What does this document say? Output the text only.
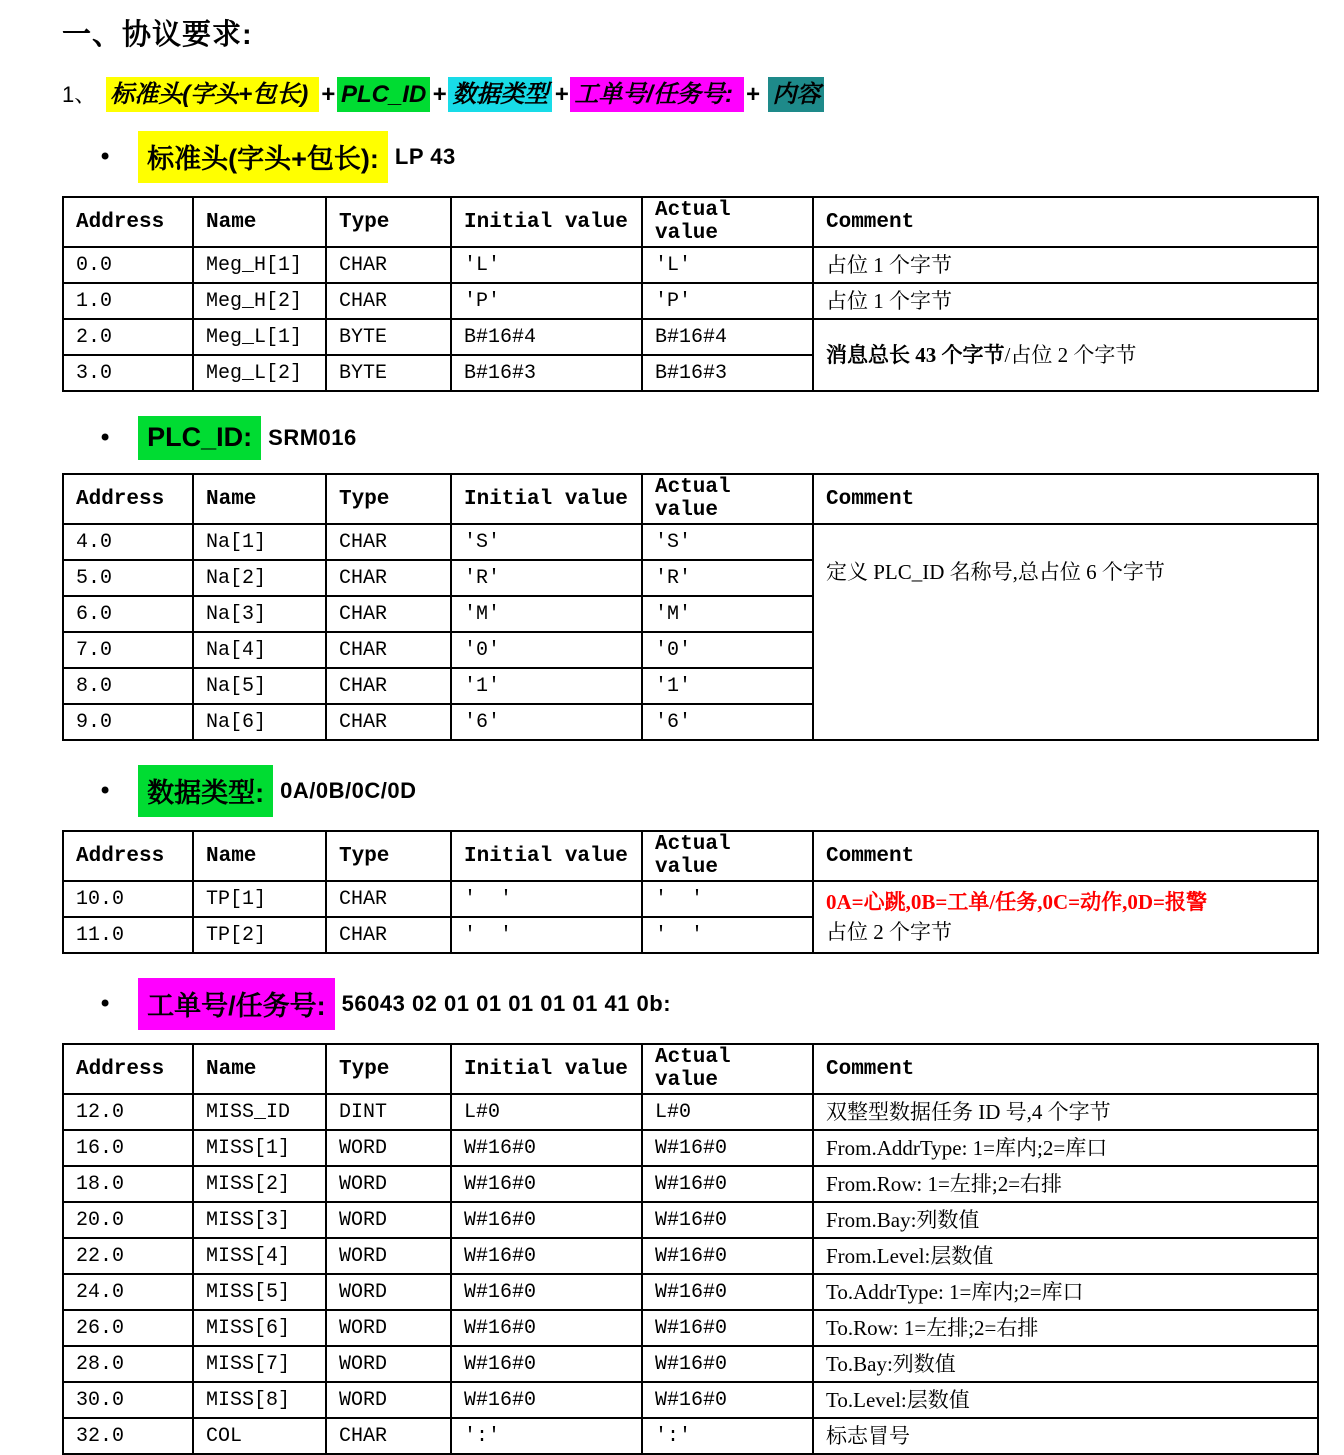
一、协议要求:
1、 标准头(字头+包长) + PLC_ID + 数据类型 + 工单号/任务号: + 内容
•	标准头(字头+包长): LP 43
Address	Name	Type	Initial value	Actual value	Comment
0.0	Meg_H[1]	CHAR	'L'	'L'	占位 1 个字节

1.0	Meg_H[2]	CHAR	'P'	'P'	占位 1 个字节

2.0	Meg_L[1]	BYTE	B#16#4	B#16#4	消息总长 43 个字节/占位 2 个字节

3.0	Meg_L[2]	BYTE	B#16#3	B#16#3	
•	PLC_ID: SRM016
Address	Name	Type	Initial value	Actual value	Comment
4.0	Na[1]	CHAR	'S'	'S'	定义 PLC_ID 名称号,总占位 6 个字节

5.0	Na[2]	CHAR	'R'	'R'	
6.0	Na[3]	CHAR	'M'	'M'	
7.0	Na[4]	CHAR	'0'	'0'	
8.0	Na[5]	CHAR	'1'	'1'	
9.0	Na[6]	CHAR	'6'	'6'	
•	数据类型: 0A/0B/0C/0D
Address	Name	Type	Initial value	Actual value	Comment
10.0	TP[1]	CHAR	'  '	'  '	0A=心跳,0B=工单/任务,0C=动作,0D=报警
占位 2 个字节

11.0	TP[2]	CHAR	'  '	'  '	
•	工单号/任务号: 56043 02 01 01 01 01 01 41 0b:
Address	Name	Type	Initial value	Actual value	Comment
12.0	MISS_ID	DINT	L#0	L#0	双整型数据任务 ID 号,4 个字节

16.0	MISS[1]	WORD	W#16#0	W#16#0	From.AddrType: 1=库内;2=库口

18.0	MISS[2]	WORD	W#16#0	W#16#0	From.Row: 1=左排;2=右排

20.0	MISS[3]	WORD	W#16#0	W#16#0	From.Bay:列数值

22.0	MISS[4]	WORD	W#16#0	W#16#0	From.Level:层数值

24.0	MISS[5]	WORD	W#16#0	W#16#0	To.AddrType: 1=库内;2=库口

26.0	MISS[6]	WORD	W#16#0	W#16#0	To.Row: 1=左排;2=右排

28.0	MISS[7]	WORD	W#16#0	W#16#0	To.Bay:列数值

30.0	MISS[8]	WORD	W#16#0	W#16#0	To.Level:层数值

32.0	COL	CHAR	':'	':'	标志冒号
